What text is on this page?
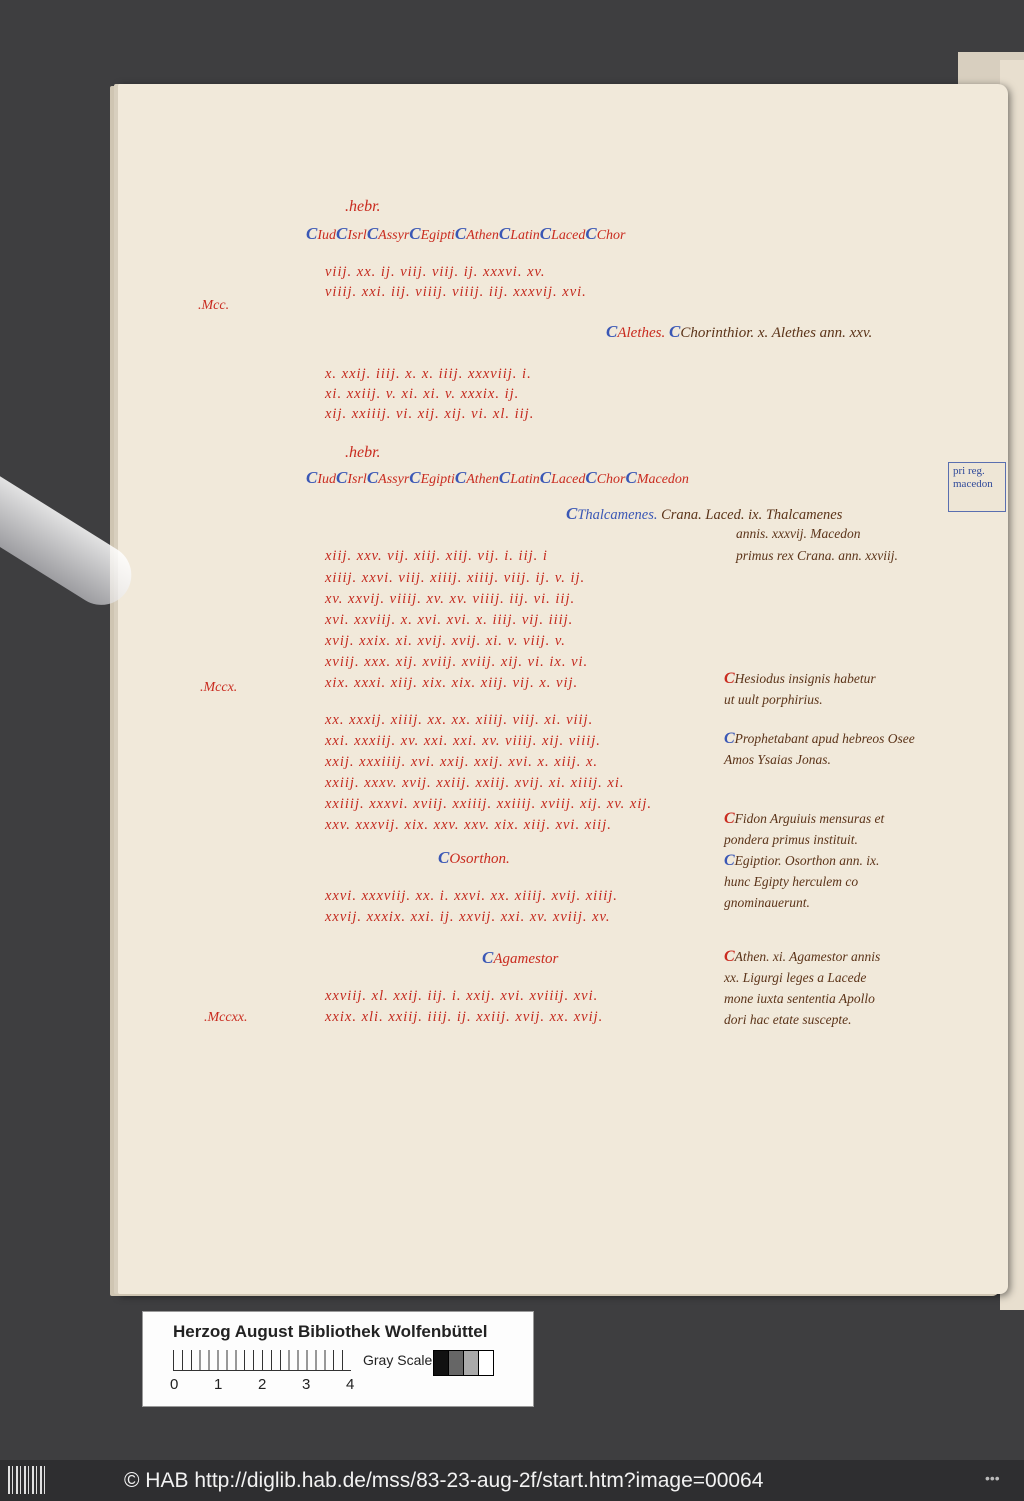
.hebr.
CIudCIsrlCAssyrCEgiptiCAthenCLatinCLacedCChor
viij. xx. ij. viij. viij. ij. xxxvi. xv.
viiij. xxi. iij. viiij. viiij. iij. xxxvij. xvi.
.Mcc.
CAlethes. CChorinthior. x. Alethes ann. xxv.
x. xxij. iiij. x. x. iiij. xxxviij. i.
xi. xxiij. v. xi. xi. v. xxxix. ij.
xij. xxiiij. vi. xij. xij. vi. xl. iij.
.hebr.
CIudCIsrlCAssyrCEgiptiCAthenCLatinCLacedCChorCMacedon
CThalcamenes. Crana. Laced. ix. Thalcamenes
annis. xxxvij. Macedon
primus rex Crana. ann. xxviij.
xiij. xxv. vij. xiij. xiij. vij. i. iij. i
xiiij. xxvi. viij. xiiij. xiiij. viij. ij. v. ij.
xv. xxvij. viiij. xv. xv. viiij. iij. vi. iij.
xvi. xxviij. x. xvi. xvi. x. iiij. vij. iiij.
xvij. xxix. xi. xvij. xvij. xi. v. viij. v.
xviij. xxx. xij. xviij. xviij. xij. vi. ix. vi.
xix. xxxi. xiij. xix. xix. xiij. vij. x. vij.
.Mccx.
CHesiodus insignis habetur
ut uult porphirius.
xx. xxxij. xiiij. xx. xx. xiiij. viij. xi. viij.
xxi. xxxiij. xv. xxi. xxi. xv. viiij. xij. viiij.
xxij. xxxiiij. xvi. xxij. xxij. xvi. x. xiij. x.
xxiij. xxxv. xvij. xxiij. xxiij. xvij. xi. xiiij. xi.
xxiiij. xxxvi. xviij. xxiiij. xxiiij. xviij. xij. xv. xij.
xxv. xxxvij. xix. xxv. xxv. xix. xiij. xvi. xiij.
CProphetabant apud hebreos Osee
Amos Ysaias Jonas.
CFidon Arguiuis mensuras et
pondera primus instituit.
CEgiptior. Osorthon ann. ix.
hunc Egipty herculem co
gnominauerunt.
COsorthon.
xxvi. xxxviij. xx. i. xxvi. xx. xiiij. xvij. xiiij.
xxvij. xxxix. xxi. ij. xxvij. xxi. xv. xviij. xv.
CAgamestor	CAthen. xi. Agamestor annis
xx. Ligurgi leges a Lacede
mone iuxta sententia Apollo
dori hac etate suscepte.
xxviij. xl. xxij. iij. i. xxij. xvi. xviiij. xvi.
xxix. xli. xxiij. iiij. ij. xxiij. xvij. xx. xvij.
.Mccxx.
pri reg.
macedon
Herzog August Bibliothek Wolfenbüttel
0 1 2 3 4
Gray Scale
© HAB http://diglib.hab.de/mss/83-23-aug-2f/start.htm?image=00064	•••
